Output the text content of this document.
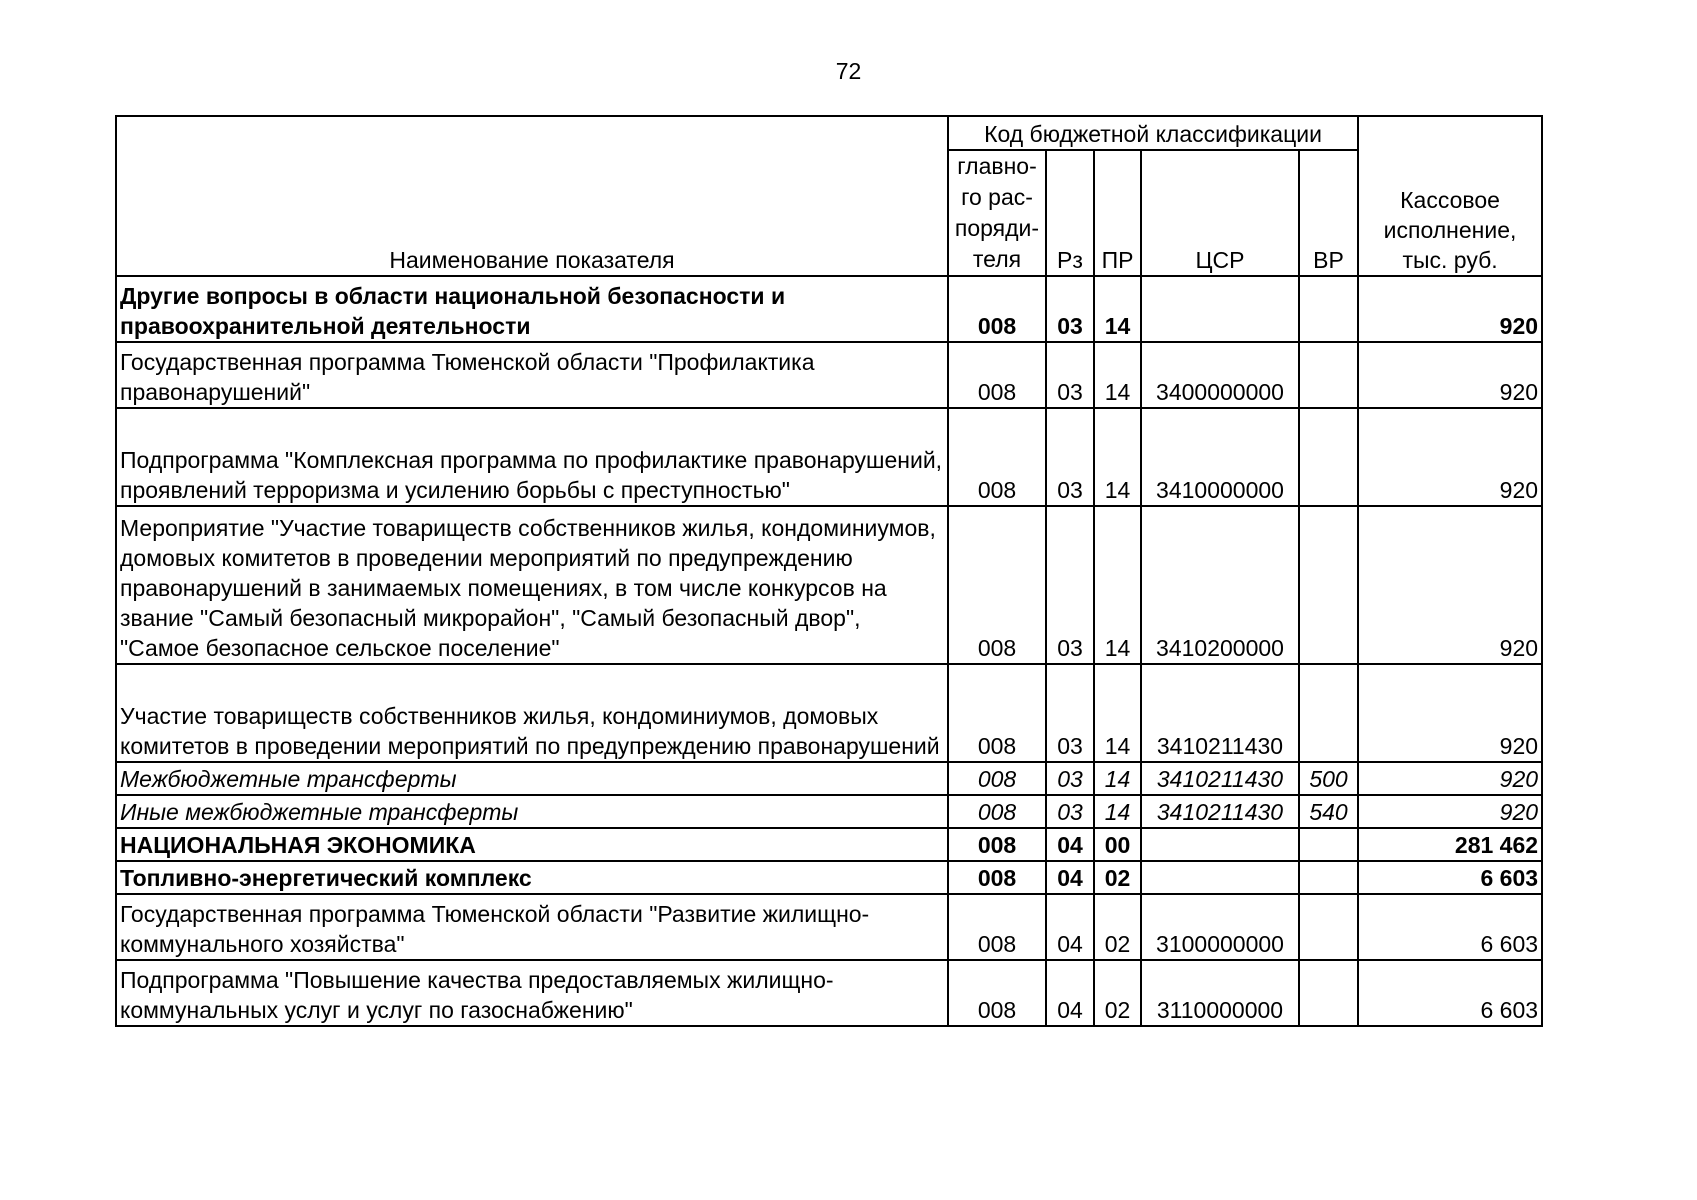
72
Наименование показателя	Код бюджетной классификации					Кассовое исполнение, тыс. руб.
	главно-го рас-поряди-теля	Рз	ПР	ЦСР	ВР	
Другие вопросы в области национальной безопасности и правоохранительной деятельности	008	03	14			920
Государственная программа Тюменской области "Профилактика правонарушений"	008	03	14	3400000000		920
Подпрограмма "Комплексная программа по профилактике правонарушений, проявлений терроризма и усилению борьбы с преступностью"	008	03	14	3410000000		920
Мероприятие "Участие товариществ собственников жилья, кондоминиумов, домовых комитетов в проведении мероприятий по предупреждению правонарушений в занимаемых помещениях, в том числе конкурсов на звание "Самый безопасный микрорайон", "Самый безопасный двор", "Самое безопасное сельское поселение"	008	03	14	3410200000		920
Участие товариществ собственников жилья, кондоминиумов, домовых комитетов в проведении мероприятий по предупреждению правонарушений	008	03	14	3410211430		920
Межбюджетные трансферты	008	03	14	3410211430	500	920
Иные межбюджетные трансферты	008	03	14	3410211430	540	920
НАЦИОНАЛЬНАЯ ЭКОНОМИКА	008	04	00			281 462
Топливно-энергетический комплекс	008	04	02			6 603
Государственная программа Тюменской области "Развитие жилищно-коммунального хозяйства"	008	04	02	3100000000		6 603
Подпрограмма "Повышение качества предоставляемых жилищно-коммунальных услуг и услуг по газоснабжению"	008	04	02	3110000000		6 603
